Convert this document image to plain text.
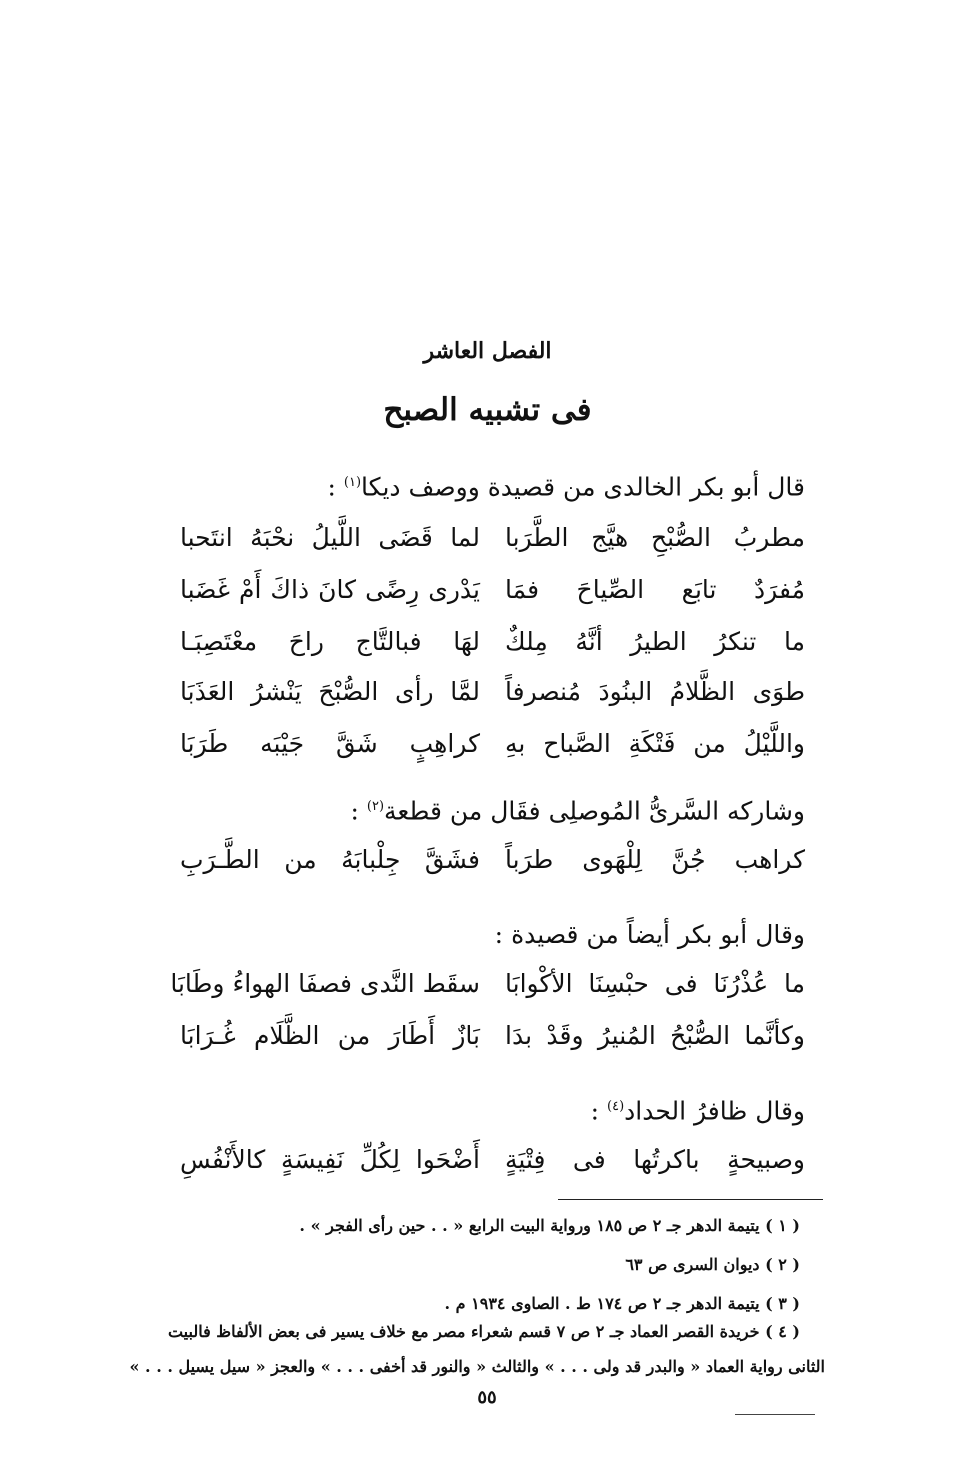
الفصل العاشر
فى تشبيه الصبح
قال أبو بكر الخالدى من قصيدة ووصف ديكا$^{(١)}$ :
مطربُ الصُّبْحِ هيَّج الطَّرَبا
لما قَضَى اللَّيلُ نحْبَهُ انتَحبا
مُفرَدٌ تابَع الصِّياحَ فمَا
يَدْرى رِضًى كانَ ذاكَ أَمْ غَضَبا
ما تنكرُ الطيرُ أنَّهُ مِلكٌ
لهَا فبالتَّاج راحَ معْتَصِبَـا
طوَى الظَّلامُ البنُودَ مُنصرفاً
لمَّا رأى الصُّبْحَ يَنْشرُ العَذَبَا
واللَّيْلُ من فَتْكَةِ الصَّباح بهِ
كراهِبٍ شَقَّ جَيْبَه طَرَبَا
وشاركه السَّرىُّ المُوصلِى فقَال من قطعة$^{(٢)}$ :
كراهب جُنَّ لِلْهَوى طرَباً
فشَقَّ جِلْبابَهُ من الطَّـرَبِ
وقال أبو بكر أيضاً من قصيدة :
ما عُذْرُنَا فى حبْسِنَا الأكْوابَا
سقَط النَّدى فصفَا الهواءُ وطَابَا
وكأنَّما الصُّبْحُ المُنيرُ وقَدْ بدَا
بَازٌ أَطَارَ من الظَّلَام غُـرَابَا
وقال ظافرُ الحداد$^{(٤)}$ :
وصبيحةٍ باكرتُها فى فِتْيَةٍ
أَضْحَوا لِكُلِّ نَفِيسَةٍ كالأَنْفُسِ
( ١ ) يتيمة الدهر جـ ٢ ص ١٨٥ ورواية البيت الرابع « . . حين رأى الفجر » .
( ٢ ) ديوان السرى ص ٦٣
( ٣ ) يتيمة الدهر جـ ٢ ص ١٧٤ ط . الصاوى ١٩٣٤ م .
( ٤ ) خريدة القصر العماد جـ ٢ ص ٧ قسم شعراء مصر مع خلاف يسير فى بعض الألفاظ فالبيت
الثانى رواية العماد « والبدر قد ولى . . . » والثالث « والنور قد أخفى . . . » والعجز « سيل يسيل . . . »
٥٥
